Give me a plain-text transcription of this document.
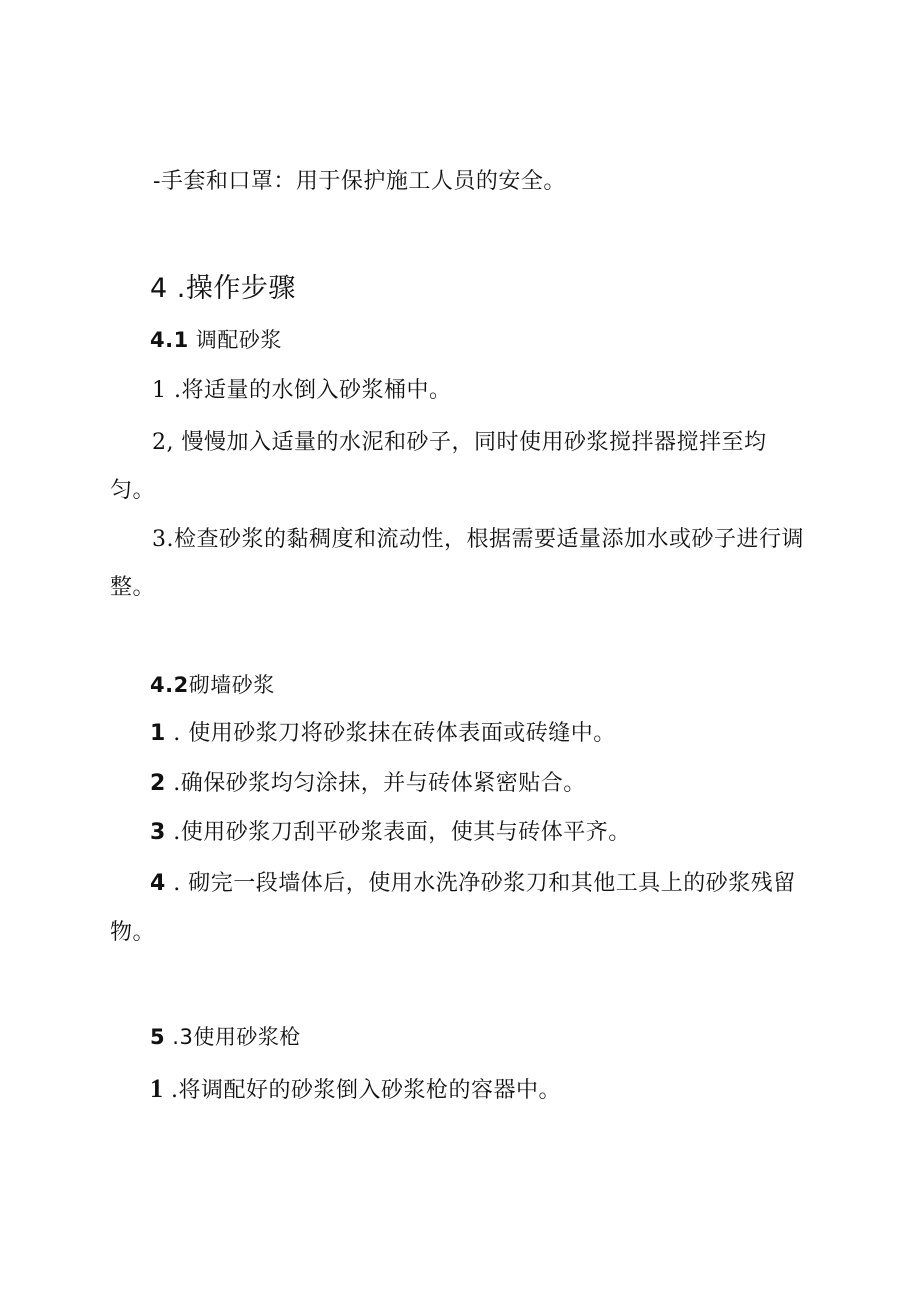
-手套和口罩：用于保护施工人员的安全。
4 .操作步骤
4.1 调配砂浆
1 .将适量的水倒入砂浆桶中。
2, 慢慢加入适量的水泥和砂子，同时使用砂浆搅拌器搅拌至均
匀。
3.检查砂浆的黏稠度和流动性，根据需要适量添加水或砂子进行调
整。
4.2砌墙砂浆
1 . 使用砂浆刀将砂浆抹在砖体表面或砖缝中。
2 .确保砂浆均匀涂抹，并与砖体紧密贴合。
3 .使用砂浆刀刮平砂浆表面，使其与砖体平齐。
4 . 砌完一段墙体后，使用水洗净砂浆刀和其他工具上的砂浆残留
物。
5 .3使用砂浆枪
1 .将调配好的砂浆倒入砂浆枪的容器中。
